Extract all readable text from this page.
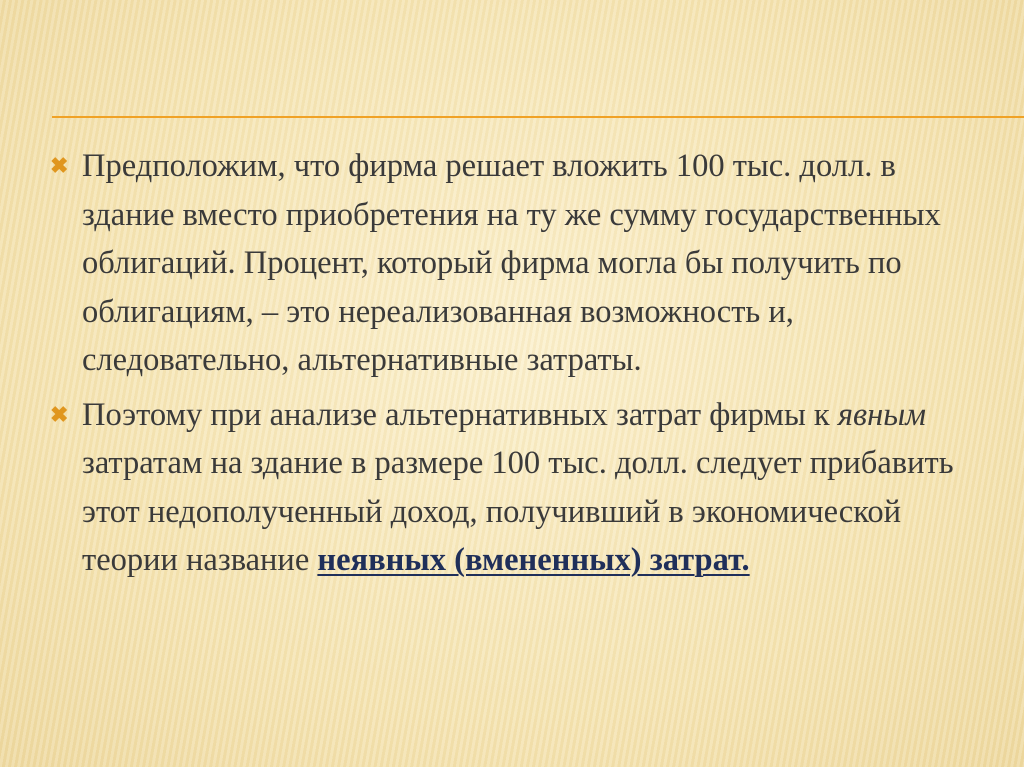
✖ Предположим, что фирма решает вложить 100 тыс. долл. в здание вместо приобретения на ту же сумму государственных облигаций. Процент, который фирма могла бы получить по облигациям, – это нереализованная возможность и, следовательно, альтернативные затраты.
✖ Поэтому при анализе альтернативных затрат фирмы к явным затратам на здание в размере 100 тыс. долл. следует прибавить этот недополученный доход, получивший в экономической теории название неявных (вмененных) затрат.
